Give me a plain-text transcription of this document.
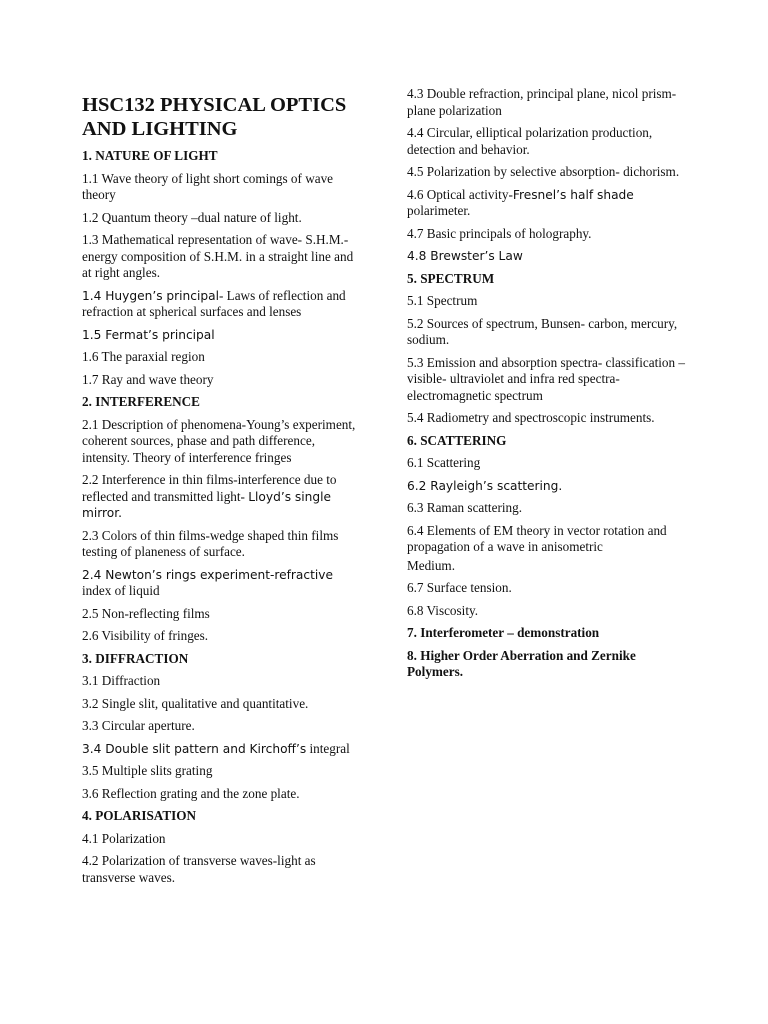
HSC132 PHYSICAL OPTICS AND LIGHTING
1. NATURE OF LIGHT
1.1 Wave theory of light short comings of wave theory
1.2 Quantum theory –dual nature of light.
1.3 Mathematical representation of wave- S.H.M.-energy composition of S.H.M. in a straight line and at right angles.
1.4 Huygen’s principal- Laws of reflection and refraction at spherical surfaces and lenses
1.5 Fermat’s principal
1.6 The paraxial region
1.7 Ray and wave theory
2. INTERFERENCE
2.1 Description of phenomena-Young’s experiment, coherent sources, phase and path difference, intensity. Theory of interference fringes
2.2 Interference in thin films-interference due to reflected and transmitted light- Lloyd’s single mirror.
2.3 Colors of thin films-wedge shaped thin films testing of planeness of surface.
2.4 Newton’s rings experiment-refractive index of liquid
2.5 Non-reflecting films
2.6 Visibility of fringes.
3. DIFFRACTION
3.1 Diffraction
3.2 Single slit, qualitative and quantitative.
3.3 Circular aperture.
3.4 Double slit pattern and Kirchoff’s integral
3.5 Multiple slits grating
3.6 Reflection grating and the zone plate.
4. POLARISATION
4.1 Polarization
4.2 Polarization of transverse waves-light as transverse waves.
4.3 Double refraction, principal plane, nicol prism-plane polarization
4.4 Circular, elliptical polarization production, detection and behavior.
4.5 Polarization by selective absorption- dichorism.
4.6 Optical activity-Fresnel’s half shade polarimeter.
4.7 Basic principals of holography.
4.8 Brewster’s Law
5. SPECTRUM
5.1 Spectrum
5.2 Sources of spectrum, Bunsen- carbon, mercury, sodium.
5.3 Emission and absorption spectra- classification –visible- ultraviolet and infra red spectra- electromagnetic spectrum
5.4 Radiometry and spectroscopic instruments.
6. SCATTERING
6.1 Scattering
6.2 Rayleigh’s scattering.
6.3 Raman scattering.
6.4 Elements of EM theory in vector rotation and propagation of a wave in anisometric
Medium.
6.7 Surface tension.
6.8 Viscosity.
7. Interferometer – demonstration
8. Higher Order Aberration and Zernike Polymers.
